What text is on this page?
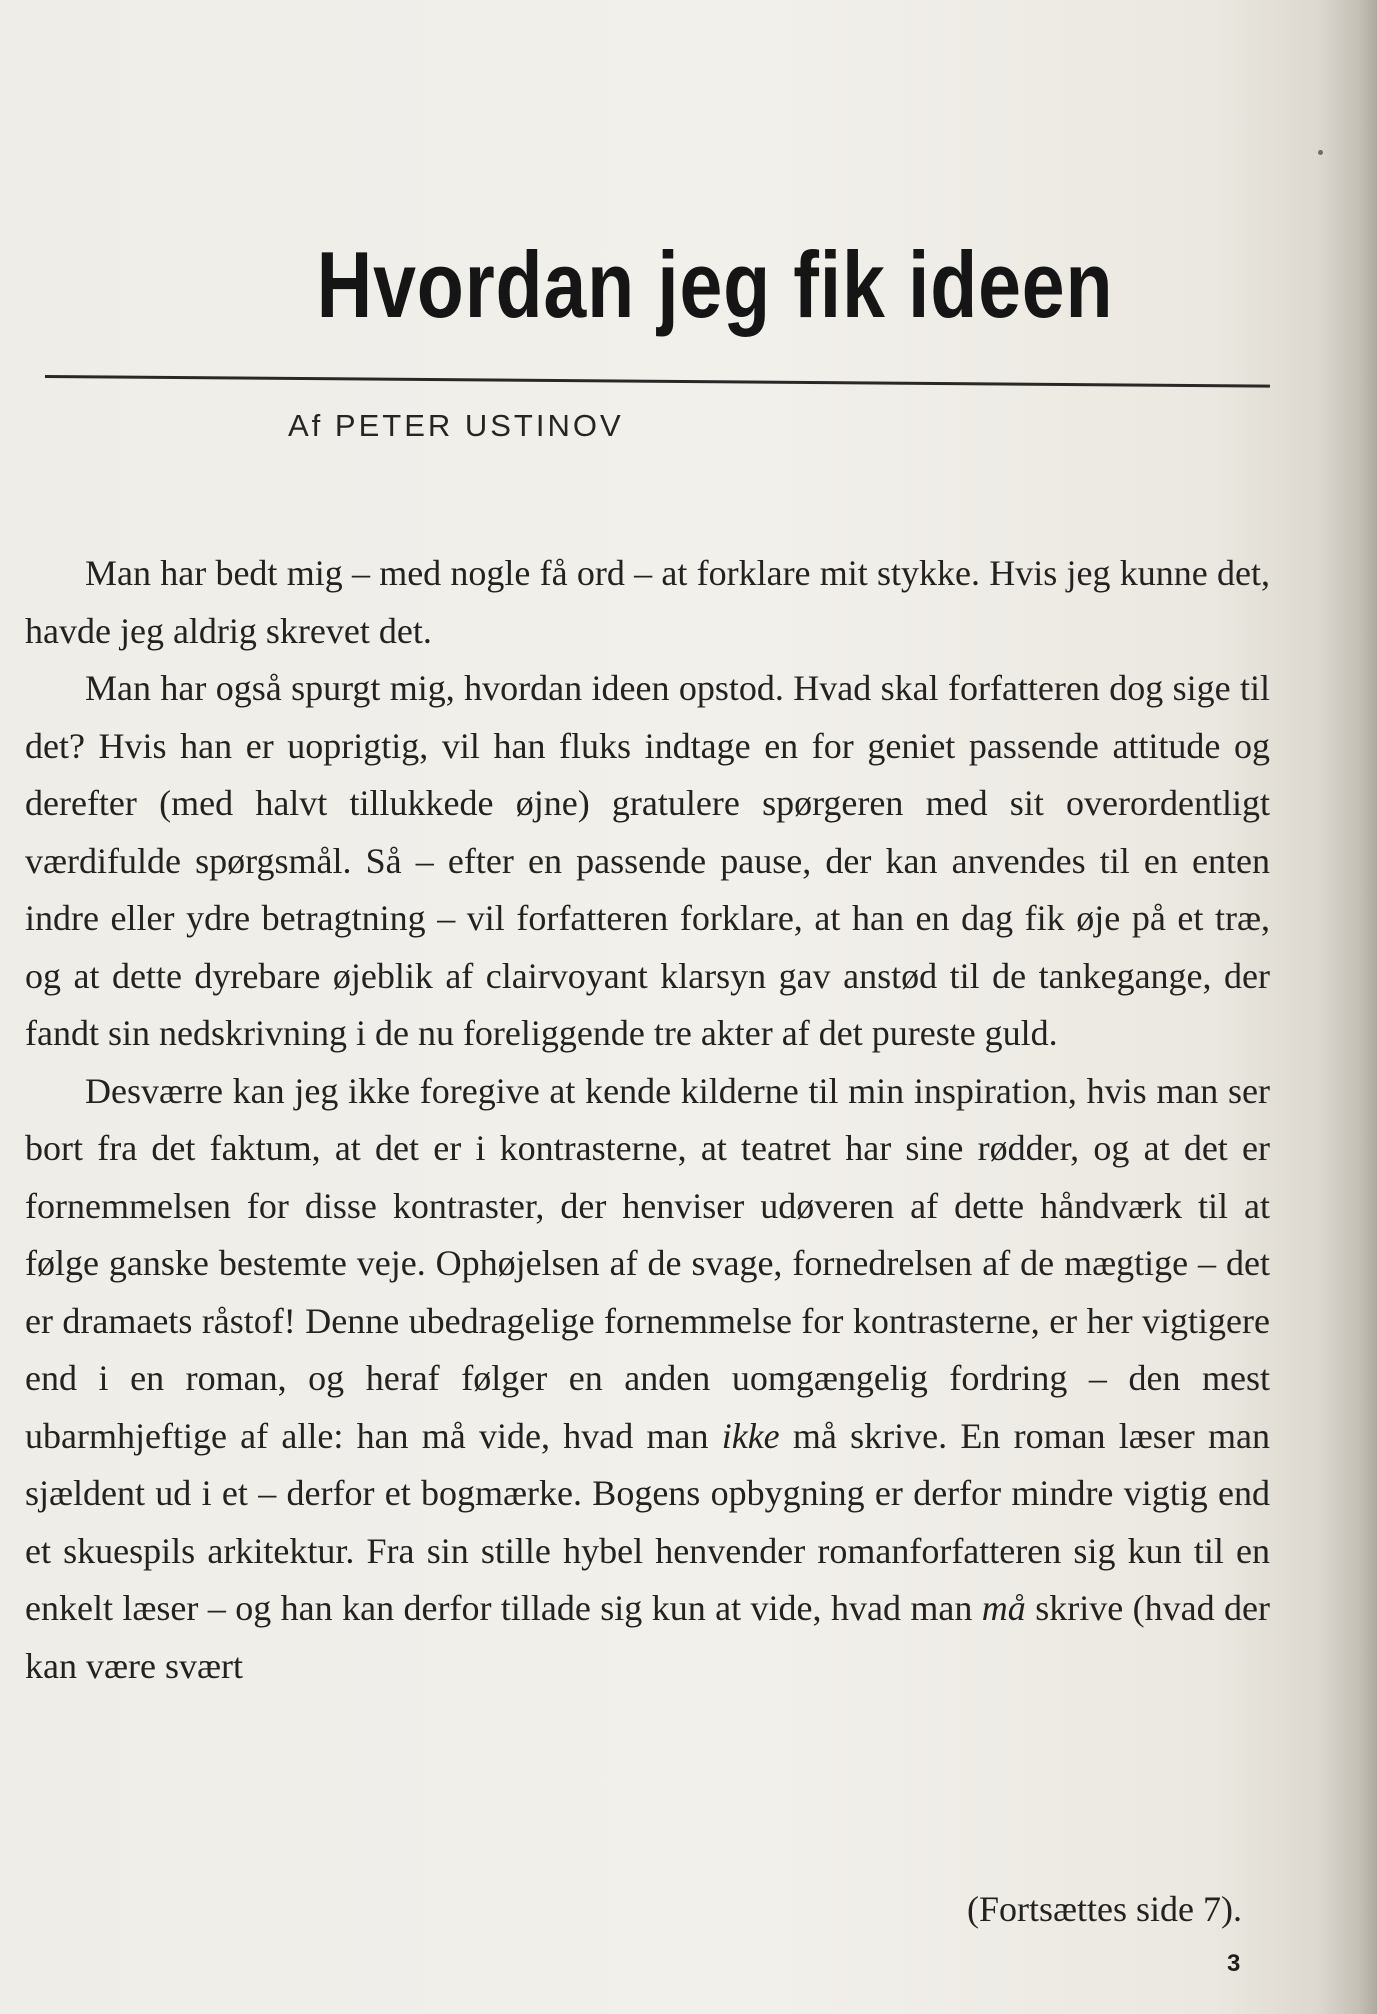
Hvordan jeg fik ideen
Af PETER USTINOV

Man har bedt mig – med nogle få ord – at forklare mit stykke. Hvis jeg kunne det, havde jeg aldrig skrevet det.

Man har også spurgt mig, hvordan ideen opstod. Hvad skal forfatteren dog sige til det? Hvis han er uoprigtig, vil han fluks indtage en for geniet passende attitude og derefter (med halvt tillukkede øjne) gratulere spørgeren med sit overordentligt værdifulde spørgsmål. Så – efter en passende pause, der kan anvendes til en enten indre eller ydre betragtning – vil forfatteren forklare, at han en dag fik øje på et træ, og at dette dyrebare øjeblik af clairvoyant klarsyn gav anstød til de tankegange, der fandt sin nedskrivning i de nu foreliggende tre akter af det pureste guld.

Desværre kan jeg ikke foregive at kende kilderne til min inspiration, hvis man ser bort fra det faktum, at det er i kontrasterne, at teatret har sine rødder, og at det er fornemmelsen for disse kontraster, der henviser udøveren af dette håndværk til at følge ganske bestemte veje. Ophøjelsen af de svage, fornedrelsen af de mægtige – det er dramaets råstof! Denne ubedragelige fornemmelse for kontrasterne, er her vigtigere end i en roman, og heraf følger en anden uomgængelig fordring – den mest ubarmhjeftige af alle: han må vide, hvad man ikke må skrive. En roman læser man sjældent ud i et – derfor et bogmærke. Bogens opbygning er derfor mindre vigtig end et skuespils arkitektur. Fra sin stille hybel henvender romanforfatteren sig kun til en enkelt læser – og han kan derfor tillade sig kun at vide, hvad man må skrive (hvad der kan være svært

(Fortsættes side 7).
3
